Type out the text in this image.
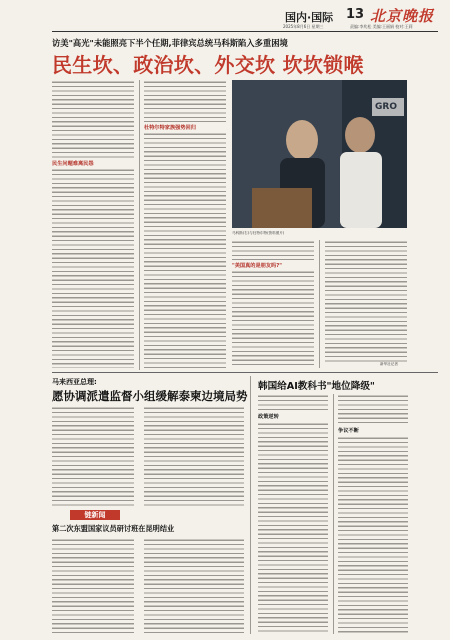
国内·国际 13 北京晚报
2025年8月6日 星期三	责编:李兆松 美编:王丽娟 校对:王莉
访美"高光"未能照亮下半个任期,菲律宾总统马科斯陷入多重困境
民生坎、政治坎、外交坎 坎坎锁喉
民生问题难离民怨
杜特尔特家族强势回归
GRO
马科斯(右)与杜特尔特(资料照片)
"美国真的是朋友吗?"
新华社记者
马来西亚总理:
愿协调派遣监督小组缓解泰柬边境局势
链新闻
第二次东盟国家议员研讨班在昆明结业
韩国给AI教科书"地位降级"
政策逆转
争议不断
